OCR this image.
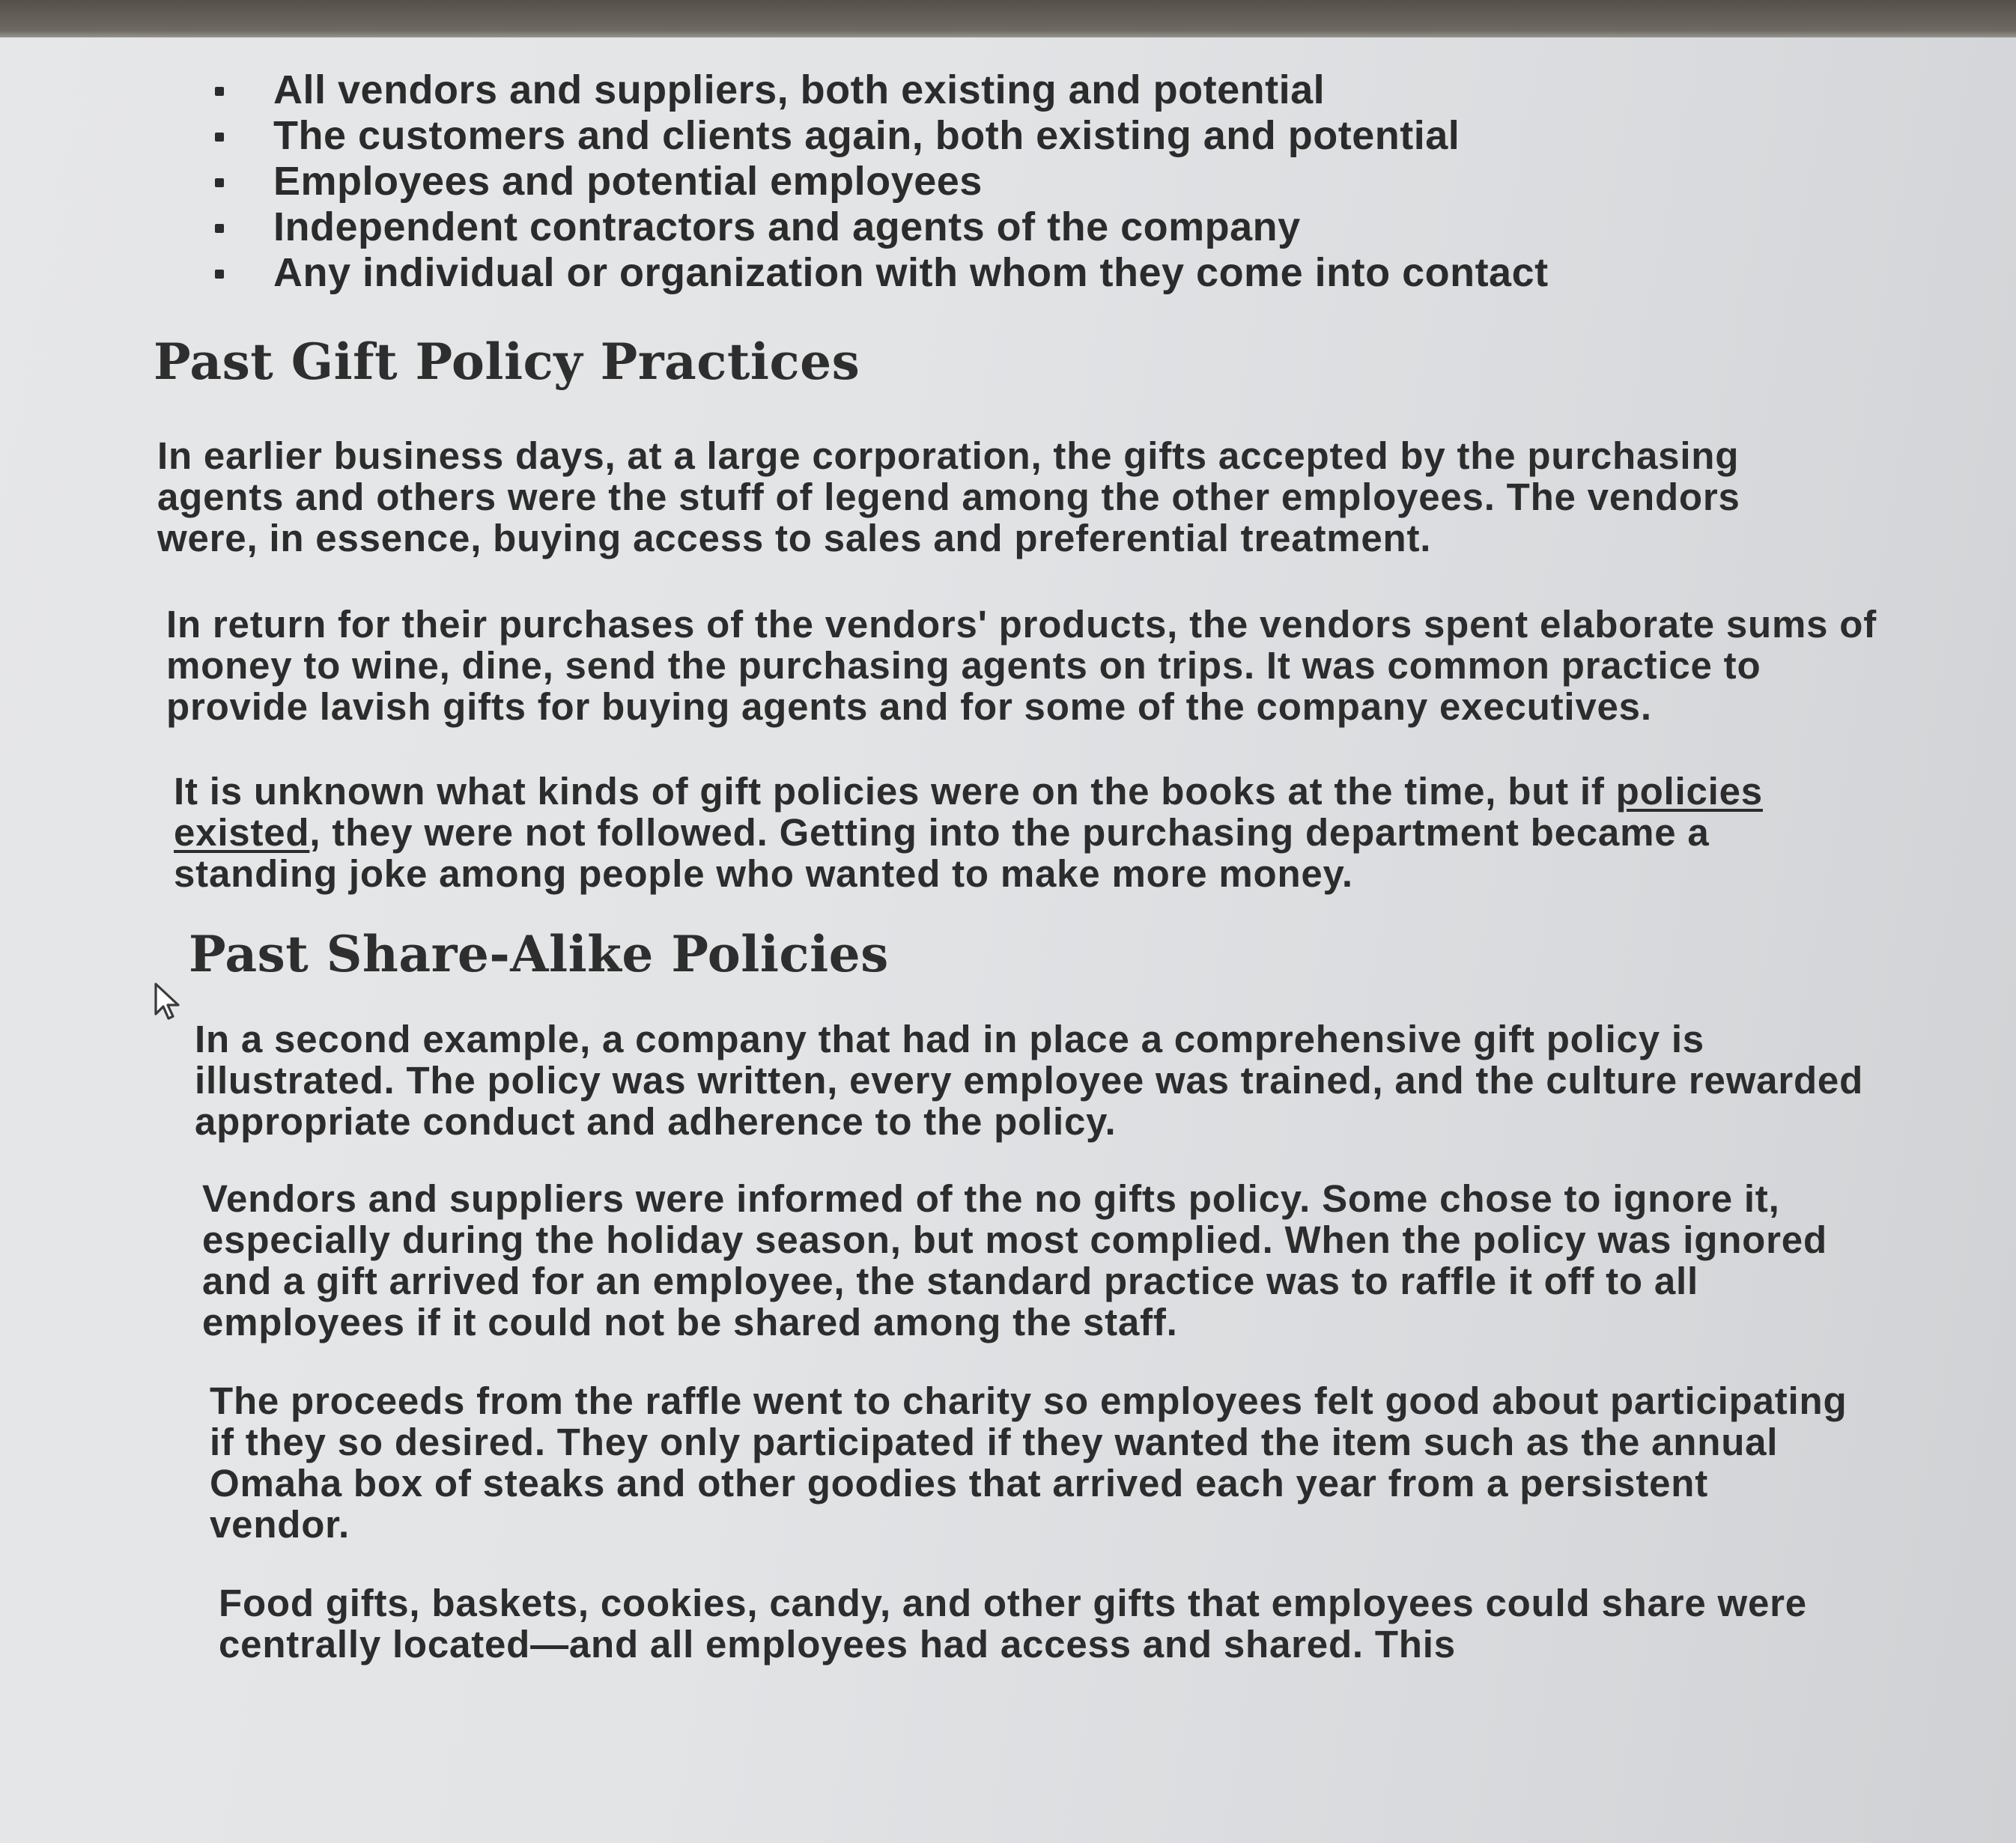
All vendors and suppliers, both existing and potential
The customers and clients again, both existing and potential
Employees and potential employees
Independent contractors and agents of the company
Any individual or organization with whom they come into contact
Past Gift Policy Practices

In earlier business days, at a large corporation, the gifts accepted by the purchasing agents and others were the stuff of legend among the other employees. The vendors were, in essence, buying access to sales and preferential treatment.

In return for their purchases of the vendors' products, the vendors spent elaborate sums of money to wine, dine, send the purchasing agents on trips. It was common practice to provide lavish gifts for buying agents and for some of the company executives.

It is unknown what kinds of gift policies were on the books at the time, but if policies existed, they were not followed. Getting into the purchasing department became a standing joke among people who wanted to make more money.

Past Share-Alike Policies

In a second example, a company that had in place a comprehensive gift policy is illustrated. The policy was written, every employee was trained, and the culture rewarded appropriate conduct and adherence to the policy.

Vendors and suppliers were informed of the no gifts policy. Some chose to ignore it, especially during the holiday season, but most complied. When the policy was ignored and a gift arrived for an employee, the standard practice was to raffle it off to all employees if it could not be shared among the staff.

The proceeds from the raffle went to charity so employees felt good about participating if they so desired. They only participated if they wanted the item such as the annual Omaha box of steaks and other goodies that arrived each year from a persistent vendor.

Food gifts, baskets, cookies, candy, and other gifts that employees could share were centrally located—and all employees had access and shared. This
